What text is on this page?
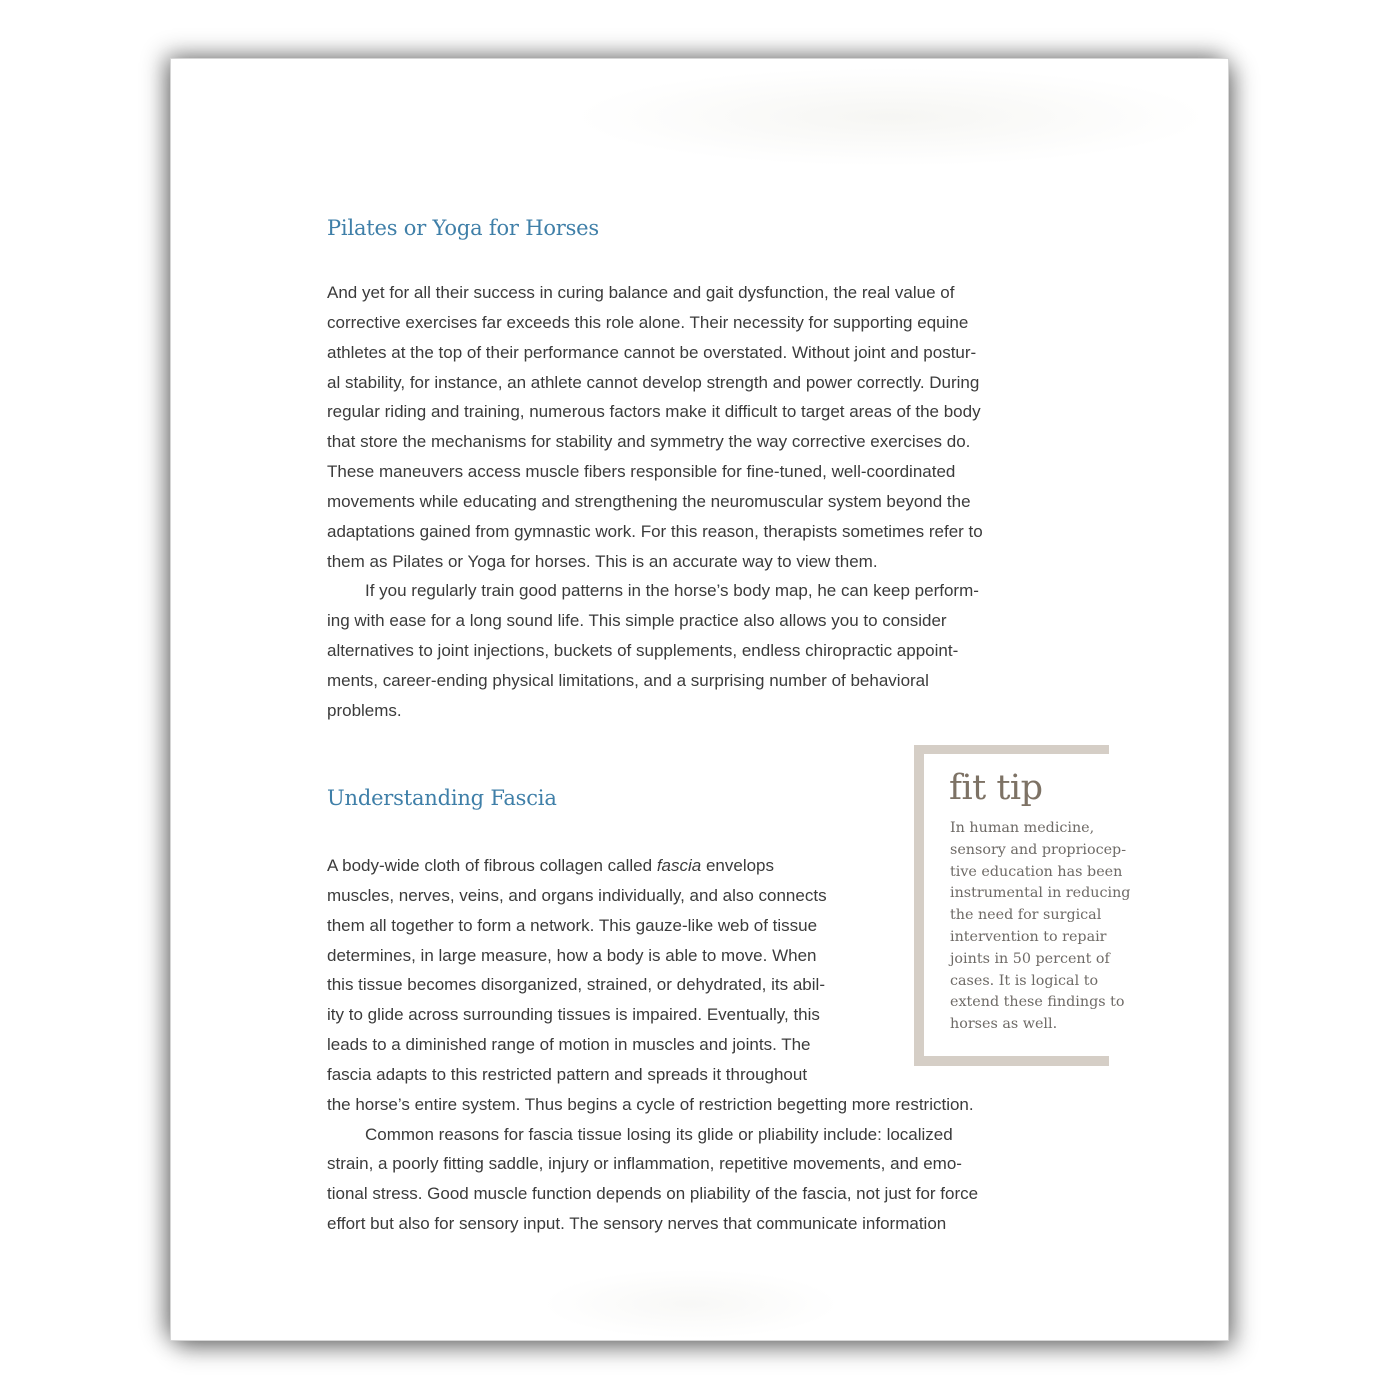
Pilates or Yoga for Horses
And yet for all their success in curing balance and gait dysfunction, the real value of
corrective exercises far exceeds this role alone. Their necessity for supporting equine
athletes at the top of their performance cannot be overstated. Without joint and postur-
al stability, for instance, an athlete cannot develop strength and power correctly. During
regular riding and training, numerous factors make it difficult to target areas of the body
that store the mechanisms for stability and symmetry the way corrective exercises do.
These maneuvers access muscle fibers responsible for fine-tuned, well-coordinated
movements while educating and strengthening the neuromuscular system beyond the
adaptations gained from gymnastic work. For this reason, therapists sometimes refer to
them as Pilates or Yoga for horses. This is an accurate way to view them.
If you regularly train good patterns in the horse’s body map, he can keep perform-
ing with ease for a long sound life. This simple practice also allows you to consider
alternatives to joint injections, buckets of supplements, endless chiropractic appoint-
ments, career-ending physical limitations, and a surprising number of behavioral
problems.
Understanding Fascia
A body-wide cloth of fibrous collagen called fascia envelops
muscles, nerves, veins, and organs individually, and also connects
them all together to form a network. This gauze-like web of tissue
determines, in large measure, how a body is able to move. When
this tissue becomes disorganized, strained, or dehydrated, its abil-
ity to glide across surrounding tissues is impaired. Eventually, this
leads to a diminished range of motion in muscles and joints. The
fascia adapts to this restricted pattern and spreads it throughout
the horse’s entire system. Thus begins a cycle of restriction begetting more restriction.
Common reasons for fascia tissue losing its glide or pliability include: localized
strain, a poorly fitting saddle, injury or inflammation, repetitive movements, and emo-
tional stress. Good muscle function depends on pliability of the fascia, not just for force
effort but also for sensory input. The sensory nerves that communicate information
fit tip
In human medicine,
sensory and propriocep-
tive education has been
instrumental in reducing
the need for surgical
intervention to repair
joints in 50 percent of
cases. It is logical to
extend these findings to
horses as well.
